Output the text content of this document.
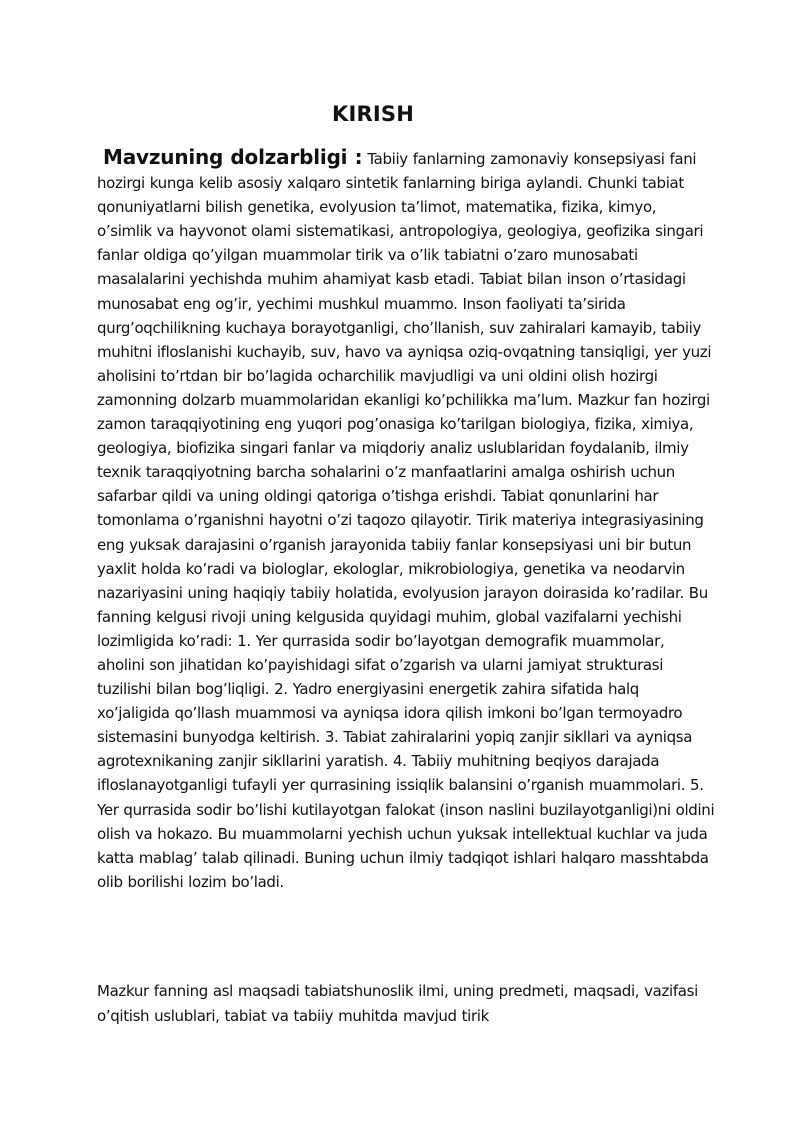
KIRISH

Mavzuning dolzarbligi : Tabiiy fanlarning zamonaviy konsepsiyasi fani hozirgi kunga kelib asosiy xalqaro sintetik fanlarning biriga aylandi. Chunki tabiat qonuniyatlarni bilish genetika, evolyusion ta’limot, matematika, fizika, kimyo, o’simlik va hayvonot olami sistematikasi, antropologiya, geologiya, geofizika singari fanlar oldiga qo’yilgan muammolar tirik va o’lik tabiatni o’zaro munosabati masalalarini yechishda muhim ahamiyat kasb etadi. Tabiat bilan inson o’rtasidagi munosabat eng og’ir, yechimi mushkul muammo. Inson faoliyati ta’sirida qurg’oqchilikning kuchaya borayotganligi, cho’llanish, suv zahiralari kamayib, tabiiy muhitni ifloslanishi kuchayib, suv, havo va ayniqsa oziq-ovqatning tansiqligi, yer yuzi aholisini to’rtdan bir bo’lagida ocharchilik mavjudligi va uni oldini olish hozirgi zamonning dolzarb muammolaridan ekanligi ko’pchilikka ma’lum. Mazkur fan hozirgi zamon taraqqiyotining eng yuqori pog’onasiga ko’tarilgan biologiya, fizika, ximiya, geologiya, biofizika singari fanlar va miqdoriy analiz uslublaridan foydalanib, ilmiy texnik taraqqiyotning barcha sohalarini o’z manfaatlarini amalga oshirish uchun safarbar qildi va uning oldingi qatoriga o’tishga erishdi. Tabiat qonunlarini har tomonlama o’rganishni hayotni o’zi taqozo qilayotir. Tirik materiya integrasiyasining eng yuksak darajasini o’rganish jarayonida tabiiy fanlar konsepsiyasi uni bir butun yaxlit holda ko’radi va biologlar, ekologlar, mikrobiologiya, genetika va neodarvin nazariyasini uning haqiqiy tabiiy holatida, evolyusion jarayon doirasida ko’radilar. Bu fanning kelgusi rivoji uning kelgusida quyidagi muhim, global vazifalarni yechishi lozimligida ko’radi: 1. Yer qurrasida sodir bo’layotgan demografik muammolar, aholini son jihatidan ko’payishidagi sifat o’zgarish va ularni jamiyat strukturasi tuzilishi bilan bog’liqligi. 2. Yadro energiyasini energetik zahira sifatida halq xo’jaligida qo’llash muammosi va ayniqsa idora qilish imkoni bo’lgan termoyadro sistemasini bunyodga keltirish. 3. Tabiat zahiralarini yopiq zanjir sikllari va ayniqsa agrotexnikaning zanjir sikllarini yaratish. 4. Tabiiy muhitning beqiyos darajada ifloslanayotganligi tufayli yer qurrasining issiqlik balansini o’rganish muammolari. 5. Yer qurrasida sodir bo’lishi kutilayotgan falokat (inson naslini buzilayotganligi)ni oldini olish va hokazo. Bu muammolarni yechish uchun yuksak intellektual kuchlar va juda katta mablag’ talab qilinadi. Buning uchun ilmiy tadqiqot ishlari halqaro masshtabda olib borilishi lozim bo’ladi.

Mazkur fanning asl maqsadi tabiatshunoslik ilmi, uning predmeti, maqsadi, vazifasi o’qitish uslublari, tabiat va tabiiy muhitda mavjud tirik
